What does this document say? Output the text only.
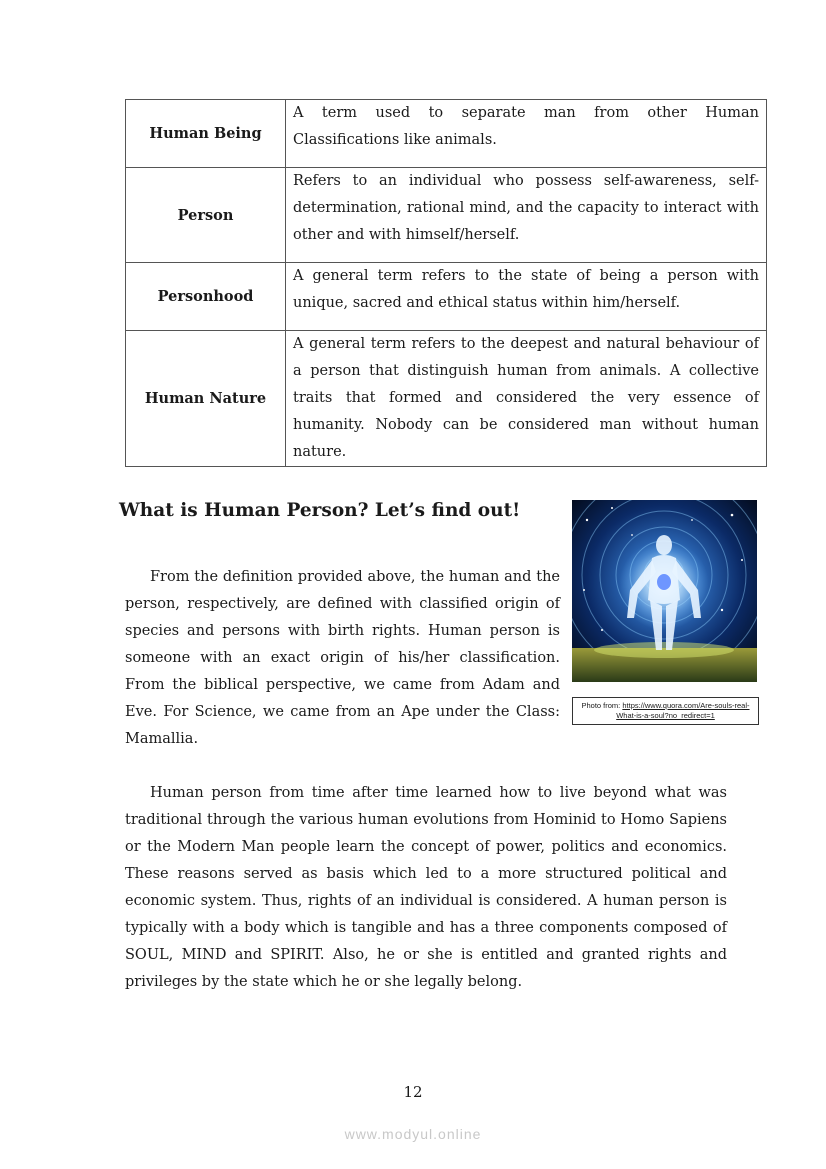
Human Being	A term used to separate man from other Human Classifications like animals.
Person	Refers to an individual who possess self-awareness, self-determination, rational mind, and the capacity to interact with other and with himself/herself.
Personhood	A general term refers to the state of being a person with unique, sacred and ethical status within him/herself.
Human Nature	A general term refers to the deepest and natural behaviour of a person that distinguish human from animals. A collective traits that formed and considered the very essence of humanity. Nobody can be considered man without human nature.
What is Human Person? Let’s find out!

From the definition provided above, the human and the person, respectively, are defined with classified origin of species and persons with birth rights. Human person is someone with an exact origin of his/her classification. From the biblical perspective, we came from Adam and Eve. For Science, we came from an Ape under the Class: Mamallia.

Photo from: https://www.quora.com/Are-souls-real-What-is-a-soul?no_redirect=1

Human person from time after time learned how to live beyond what was traditional through the various human evolutions from Hominid to Homo Sapiens or the Modern Man people learn the concept of power, politics and economics. These reasons served as basis which led to a more structured political and economic system. Thus, rights of an individual is considered. A human person is typically with a body which is tangible and has a three components composed of SOUL, MIND and SPIRIT. Also, he or she is entitled and granted rights and privileges by the state which he or she legally belong.

12
www.modyul.online
